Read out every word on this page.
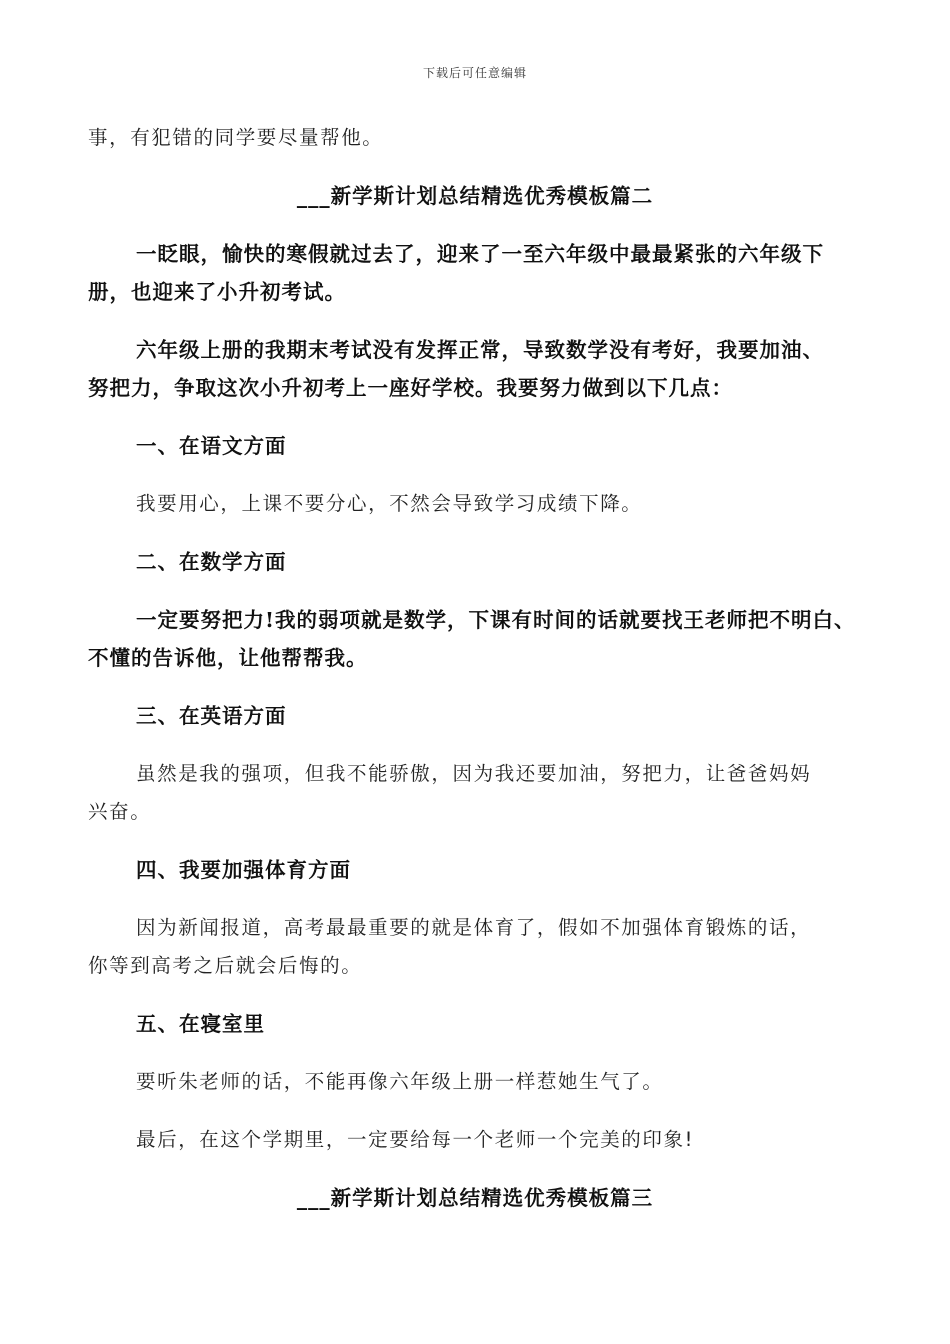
下载后可任意编辑
事，有犯错的同学要尽量帮他。
___新学斯计划总结精选优秀模板篇二
一眨眼，愉快的寒假就过去了，迎来了一至六年级中最最紧张的六年级下
册，也迎来了小升初考试。
六年级上册的我期末考试没有发挥正常，导致数学没有考好，我要加油、
努把力，争取这次小升初考上一座好学校。我要努力做到以下几点：
一、在语文方面
我要用心，上课不要分心，不然会导致学习成绩下降。
二、在数学方面
一定要努把力!我的弱项就是数学，下课有时间的话就要找王老师把不明白、
不懂的告诉他，让他帮帮我。
三、在英语方面
虽然是我的强项，但我不能骄傲，因为我还要加油，努把力，让爸爸妈妈
兴奋。
四、我要加强体育方面
因为新闻报道，高考最最重要的就是体育了，假如不加强体育锻炼的话，
你等到高考之后就会后悔的。
五、在寝室里
要听朱老师的话，不能再像六年级上册一样惹她生气了。
最后，在这个学期里，一定要给每一个老师一个完美的印象!
___新学斯计划总结精选优秀模板篇三
